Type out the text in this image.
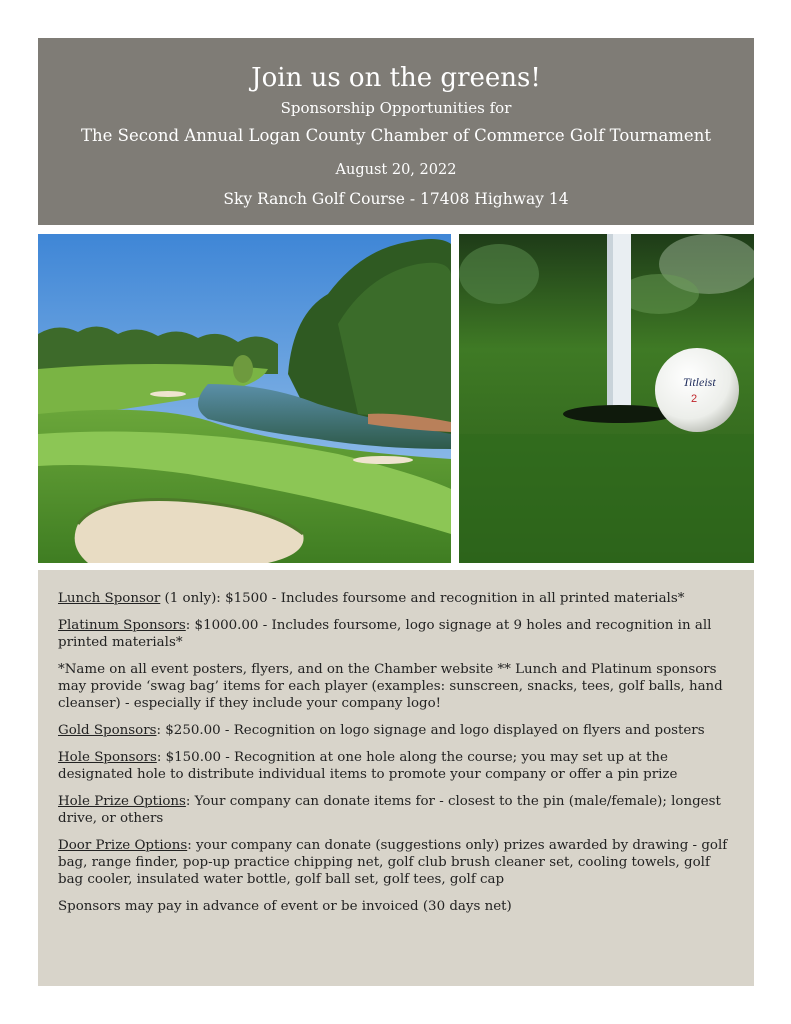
Join us on the greens!
Sponsorship Opportunities for
The Second Annual Logan County Chamber of Commerce Golf Tournament
August 20, 2022
Sky Ranch Golf Course - 17408 Highway 14
Titleist
2

Lunch Sponsor (1 only): $1500 - Includes foursome and recognition in all printed materials*

Platinum Sponsors: $1000.00 - Includes foursome, logo signage at 9 holes and recognition in all printed materials*

*Name on all event posters, flyers, and on the Chamber website ** Lunch and Platinum sponsors may provide ‘swag bag’ items for each player (examples: sunscreen, snacks, tees, golf balls, hand cleanser) - especially if they include your company logo!

Gold Sponsors: $250.00 - Recognition on logo signage and logo displayed on flyers and posters

Hole Sponsors: $150.00 - Recognition at one hole along the course; you may set up at the designated hole to distribute individual items to promote your company or offer a pin prize

Hole Prize Options: Your company can donate items for - closest to the pin (male/female); longest drive, or others

Door Prize Options: your company can donate (suggestions only) prizes awarded by drawing - golf bag, range finder, pop-up practice chipping net, golf club brush cleaner set, cooling towels, golf bag cooler, insulated water bottle, golf ball set, golf tees, golf cap

Sponsors may pay in advance of event or be invoiced (30 days net)
